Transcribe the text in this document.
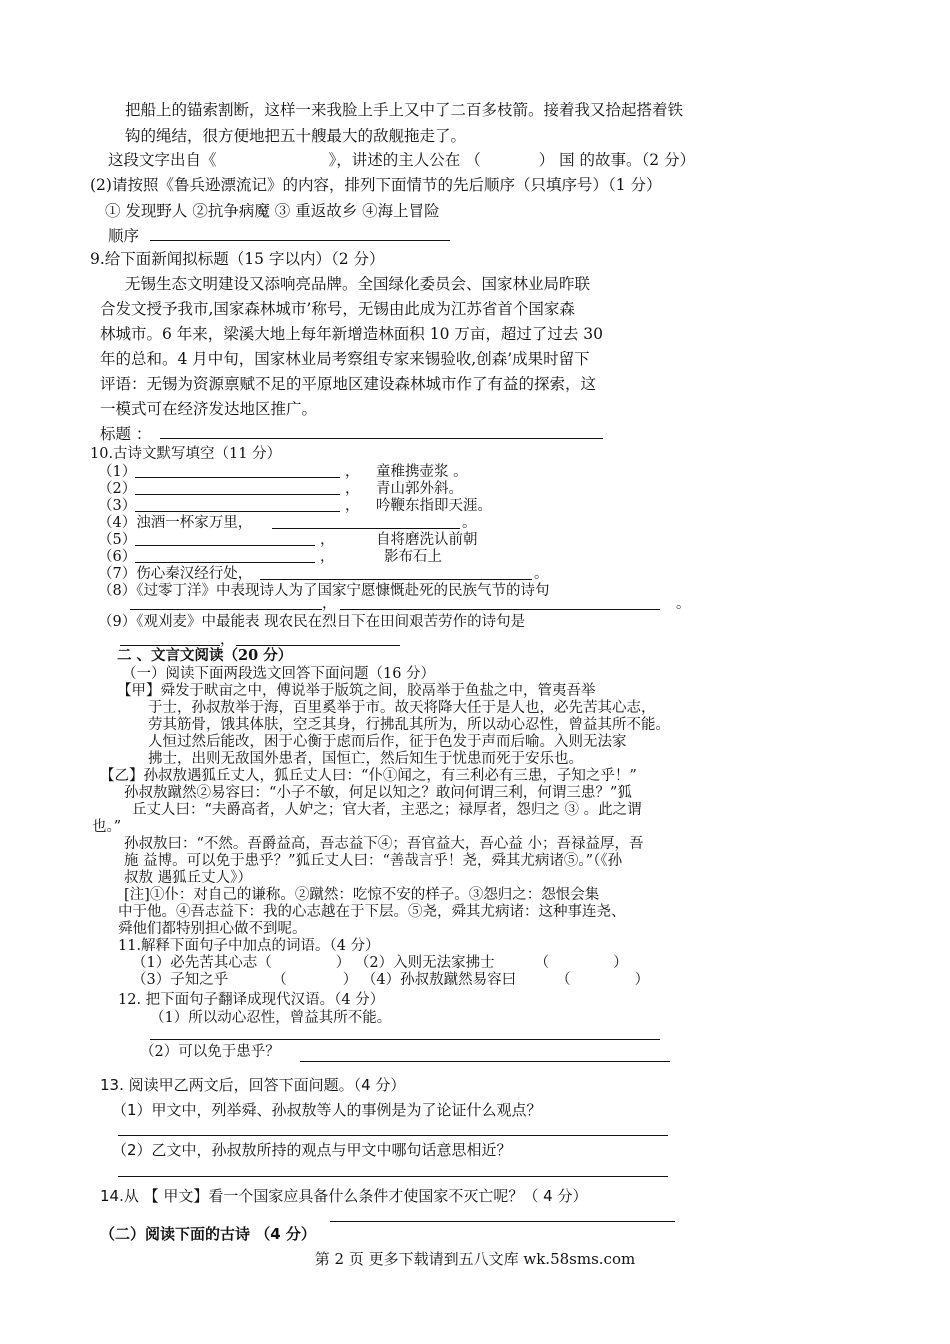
把船上的锚索割断，这样一来我脸上手上又中了二百多枝箭。接着我又拾起搭着铁
钩的绳结，很方便地把五十艘最大的敌舰拖走了。
这段文字出自《	》，讲述的主人公在 （	） 国 的故事。（2 分）
(2)请按照《鲁兵逊漂流记》的内容，排列下面情节的先后顺序（只填序号）（1 分）
① 发现野人 ②抗争病魔 ③ 重返故乡 ④海上冒险
顺序
9.给下面新闻拟标题（15 字以内）（2 分）
无锡生态文明建设又添响亮品牌。全国绿化委员会、国家林业局昨联
合发文授予我市,国家森林城市’称号，无锡由此成为江苏省首个国家森
林城市。6 年来，梁溪大地上每年新增造林面积 10 万亩，超过了过去 30
年的总和。4 月中旬，国家林业局考察组专家来锡验收,创森’成果时留下
评语：无锡为资源禀赋不足的平原地区建设森林城市作了有益的探索，这
一模式可在经济发达地区推广。
标题 ：
10.古诗文默写填空（11 分）
（1）	， 童稚携壶浆 。
（2）	， 青山郭外斜。
（3）	， 吟鞭东指即天涯。
（4）浊酒一杯家万里，	。
（5）	，	自将磨洗认前朝
（6）	，	影布石上
（7）伤心秦汉经行处，	。
（8）《过零丁洋》中表现诗人为了国家宁愿慷慨赴死的民族气节的诗句
，	。
（9）《观刈麦》中最能表 现农民在烈日下在田间艰苦劳作的诗句是
，
二 、文言文阅读（20 分）
（一）阅读下面两段选文回答下面问题（16 分）
【甲】舜发于畎亩之中，傅说举于版筑之间，胶鬲举于鱼盐之中，管夷吾举
于士，孙叔敖举于海，百里奚举于市。故天将降大任于是人也，必先苦其心志，
劳其筋骨，饿其体肤，空乏其身，行拂乱其所为，所以动心忍性，曾益其所不能。
人恒过然后能改，困于心衡于虑而后作，征于色发于声而后喻。入则无法家
拂士，出则无敌国外患者，国恒亡，然后知生于忧患而死于安乐也。
【乙】孙叔敖遇狐丘丈人，狐丘丈人曰：“仆①闻之，有三利必有三患，子知之乎！”
孙叔敖蹴然②易容曰：“小子不敏，何足以知之？敢问何谓三利，何谓三患？”狐
丘丈人曰：“夫爵高者，人妒之；官大者，主恶之；禄厚者，怨归之 ③ 。此之谓
也。”
孙叔敖曰：“不然。吾爵益高，吾志益下④；吾官益大，吾心益 小；吾禄益厚，吾
施 益博。可以免于患乎？”狐丘丈人曰：“善哉言乎！尧，舜其尤病诸⑤。”（《孙
叔敖 遇狐丘丈人》）
[注]①仆：对自己的谦称。②蹴然：吃惊不安的样子。③怨归之：怨恨会集
中于他。④吾志益下：我的心志越在于下层。⑤尧，舜其尤病诸：这种事连尧、
舜他们都特别担心做不到呢。
11.解释下面句子中加点的词语。（4 分）
（1）必先苦其心志（	） （2）入则无法家拂士	（	）
（3）子知之乎	（	） （4）孙叔敖蹴然易容曰	（	）
12. 把下面句子翻译成现代汉语。（4 分）
（1）所以动心忍性，曾益其所不能。
（2）可以免于患乎？
13. 阅读甲乙两文后，回答下面问题。（4 分）
（1）甲文中，列举舜、孙叔敖等人的事例是为了论证什么观点？
（2）乙文中，孙叔敖所持的观点与甲文中哪句话意思相近？
14.从 【 甲文】看一个国家应具备什么条件才使国家不灭亡呢？（ 4 分）
（二）阅读下面的古诗 （4 分）
第 2 页 更多下载请到五八文库 wk.58sms.com
